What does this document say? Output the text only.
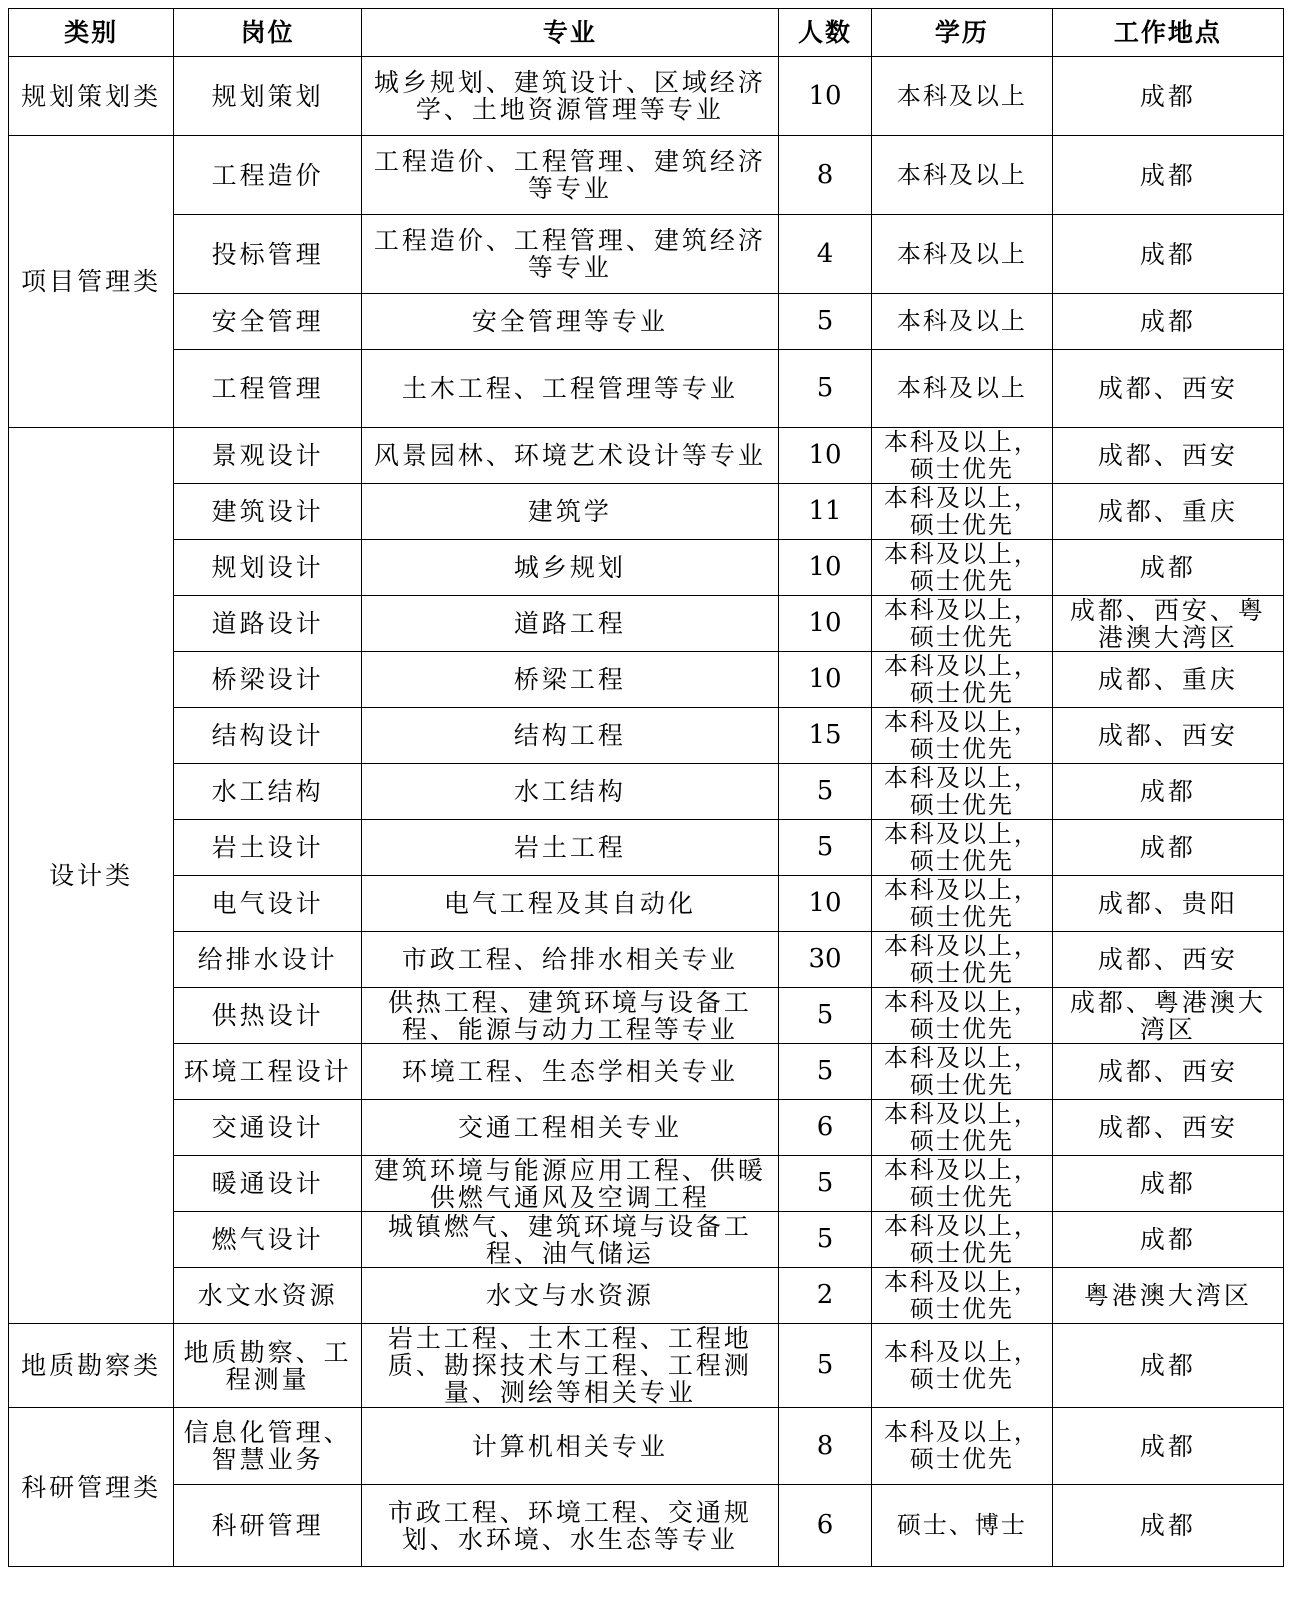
类别	岗位	专业	人数	学历	工作地点
规划策划类	规划策划	城乡规划、建筑设计、区域经济学、土地资源管理等专业	10	本科及以上	成都
项目管理类	工程造价	工程造价、工程管理、建筑经济等专业	8	本科及以上	成都
	投标管理	工程造价、工程管理、建筑经济等专业	4	本科及以上	成都
	安全管理	安全管理等专业	5	本科及以上	成都
	工程管理	土木工程、工程管理等专业	5	本科及以上	成都、西安
设计类	景观设计	风景园林、环境艺术设计等专业	10	本科及以上，硕士优先	成都、西安
	建筑设计	建筑学	11	本科及以上，硕士优先	成都、重庆
	规划设计	城乡规划	10	本科及以上，硕士优先	成都
	道路设计	道路工程	10	本科及以上，硕士优先	成都、西安、粤港澳大湾区
	桥梁设计	桥梁工程	10	本科及以上，硕士优先	成都、重庆
	结构设计	结构工程	15	本科及以上，硕士优先	成都、西安
	水工结构	水工结构	5	本科及以上，硕士优先	成都
	岩土设计	岩土工程	5	本科及以上，硕士优先	成都
	电气设计	电气工程及其自动化	10	本科及以上，硕士优先	成都、贵阳
	给排水设计	市政工程、给排水相关专业	30	本科及以上，硕士优先	成都、西安
	供热设计	供热工程、建筑环境与设备工程、能源与动力工程等专业	5	本科及以上，硕士优先	成都、粤港澳大湾区
	环境工程设计	环境工程、生态学相关专业	5	本科及以上，硕士优先	成都、西安
	交通设计	交通工程相关专业	6	本科及以上，硕士优先	成都、西安
	暖通设计	建筑环境与能源应用工程、供暖供燃气通风及空调工程	5	本科及以上，硕士优先	成都
	燃气设计	城镇燃气、建筑环境与设备工程、油气储运	5	本科及以上，硕士优先	成都
	水文水资源	水文与水资源	2	本科及以上，硕士优先	粤港澳大湾区
地质勘察类	地质勘察、工程测量	岩土工程、土木工程、工程地质、勘探技术与工程、工程测量、测绘等相关专业	5	本科及以上，硕士优先	成都
科研管理类	信息化管理、智慧业务	计算机相关专业	8	本科及以上，硕士优先	成都
	科研管理	市政工程、环境工程、交通规划、水环境、水生态等专业	6	硕士、博士	成都
